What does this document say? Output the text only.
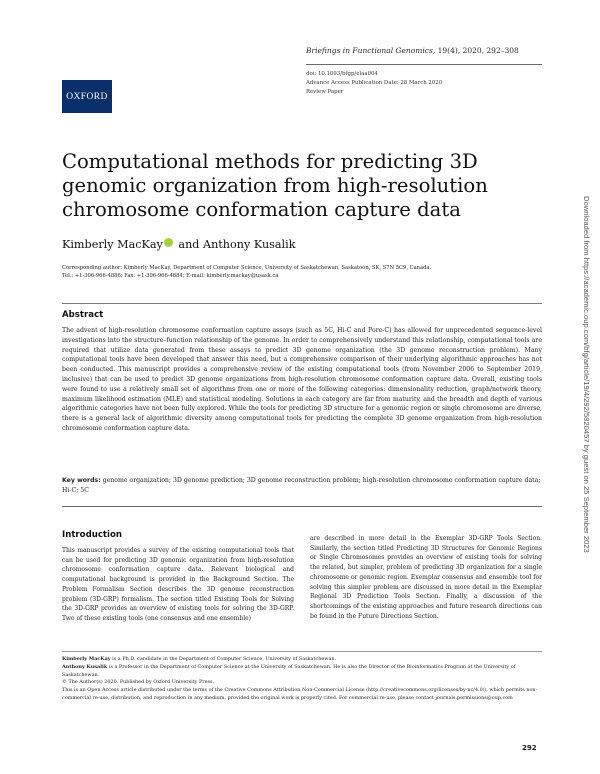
OXFORD
Briefings in Functional Genomics, 19(4), 2020, 292–308
doi: 10.1093/bfgp/elaa004
Advance Access Publication Date: 28 March 2020
Review Paper
Computational methods for predicting 3D genomic organization from high-resolution chromosome conformation capture data
Kimberly MacKay and Anthony Kusalik
Corresponding author: Kimberly MacKay, Department of Computer Science, University of Saskatchewan, Saskatoon, SK, S7N 5C9, Canada.
Tel.: +1-306-966-4886; Fax: +1-306-966-4884; E-mail: kimberly.mackay@usask.ca
Abstract
The advent of high-resolution chromosome conformation capture assays (such as 5C, Hi-C and Pore-C) has allowed for unprecedented sequence-level investigations into the structure–function relationship of the genome. In order to comprehensively understand this relationship, computational tools are required that utilize data generated from these assays to predict 3D genome organization (the 3D genome reconstruction problem). Many computational tools have been developed that answer this need, but a comprehensive comparison of their underlying algorithmic approaches has not been conducted. This manuscript provides a comprehensive review of the existing computational tools (from November 2006 to September 2019, inclusive) that can be used to predict 3D genome organizations from high-resolution chromosome conformation capture data. Overall, existing tools were found to use a relatively small set of algorithms from one or more of the following categories: dimensionality reduction, graph/network theory, maximum likelihood estimation (MLE) and statistical modeling. Solutions in each category are far from maturity, and the breadth and depth of various algorithmic categories have not been fully explored. While the tools for predicting 3D structure for a genomic region or single chromosome are diverse, there is a general lack of algorithmic diversity among computational tools for predicting the complete 3D genome organization from high-resolution chromosome conformation capture data.
Key words: genome organization; 3D genome prediction; 3D genome reconstruction problem; high-resolution chromosome conformation capture data; Hi-C; 5C
Introduction
This manuscript provides a survey of the existing computational tools that can be used for predicting 3D genomic organization from high-resolution chromosome conformation capture data. Relevant biological and computational background is provided in the Background Section. The Problem Formalism Section describes the 3D genome reconstruction problem (3D-GRP) formalism. The section titled Existing Tools for Solving the 3D-GRP provides an overview of existing tools for solving the 3D-GRP. Two of these existing tools (one consensus and one ensemble)
are described in more detail in the Exemplar 3D-GRP Tools Section. Similarly, the section titled Predicting 3D Structures for Genomic Regions or Single Chromosomes provides an overview of existing tools for solving the related, but simpler, problem of predicting 3D organization for a single chromosome or genomic region. Exemplar consensus and ensemble tool for solving this simpler problem are discussed in more detail in the Exemplar Regional 3D Prediction Tools Section. Finally, a discussion of the shortcomings of the existing approaches and future research directions can be found in the Future Directions Section.
Kimberly MacKay is a Ph.D. candidate in the Department of Computer Science, University of Saskatchewan.
Anthony Kusalik is a Professor in the Department of Computer Science at the University of Saskatchewan. He is also the Director of the Bioinformatics Program at the University of Saskatchewan.
© The Author(s) 2020. Published by Oxford University Press.
This is an Open Access article distributed under the terms of the Creative Commons Attribution Non-Commercial License (http://creativecommons.org/licenses/by-nc/4.0/), which permits non-commercial re-use, distribution, and reproduction in any medium, provided the original work is properly cited. For commercial re-use, please contact journals.permissions@oup.com
292
Downloaded from https://academic.oup.com/bfg/article/19/4/292/5820457 by guest on 25 September 2023
